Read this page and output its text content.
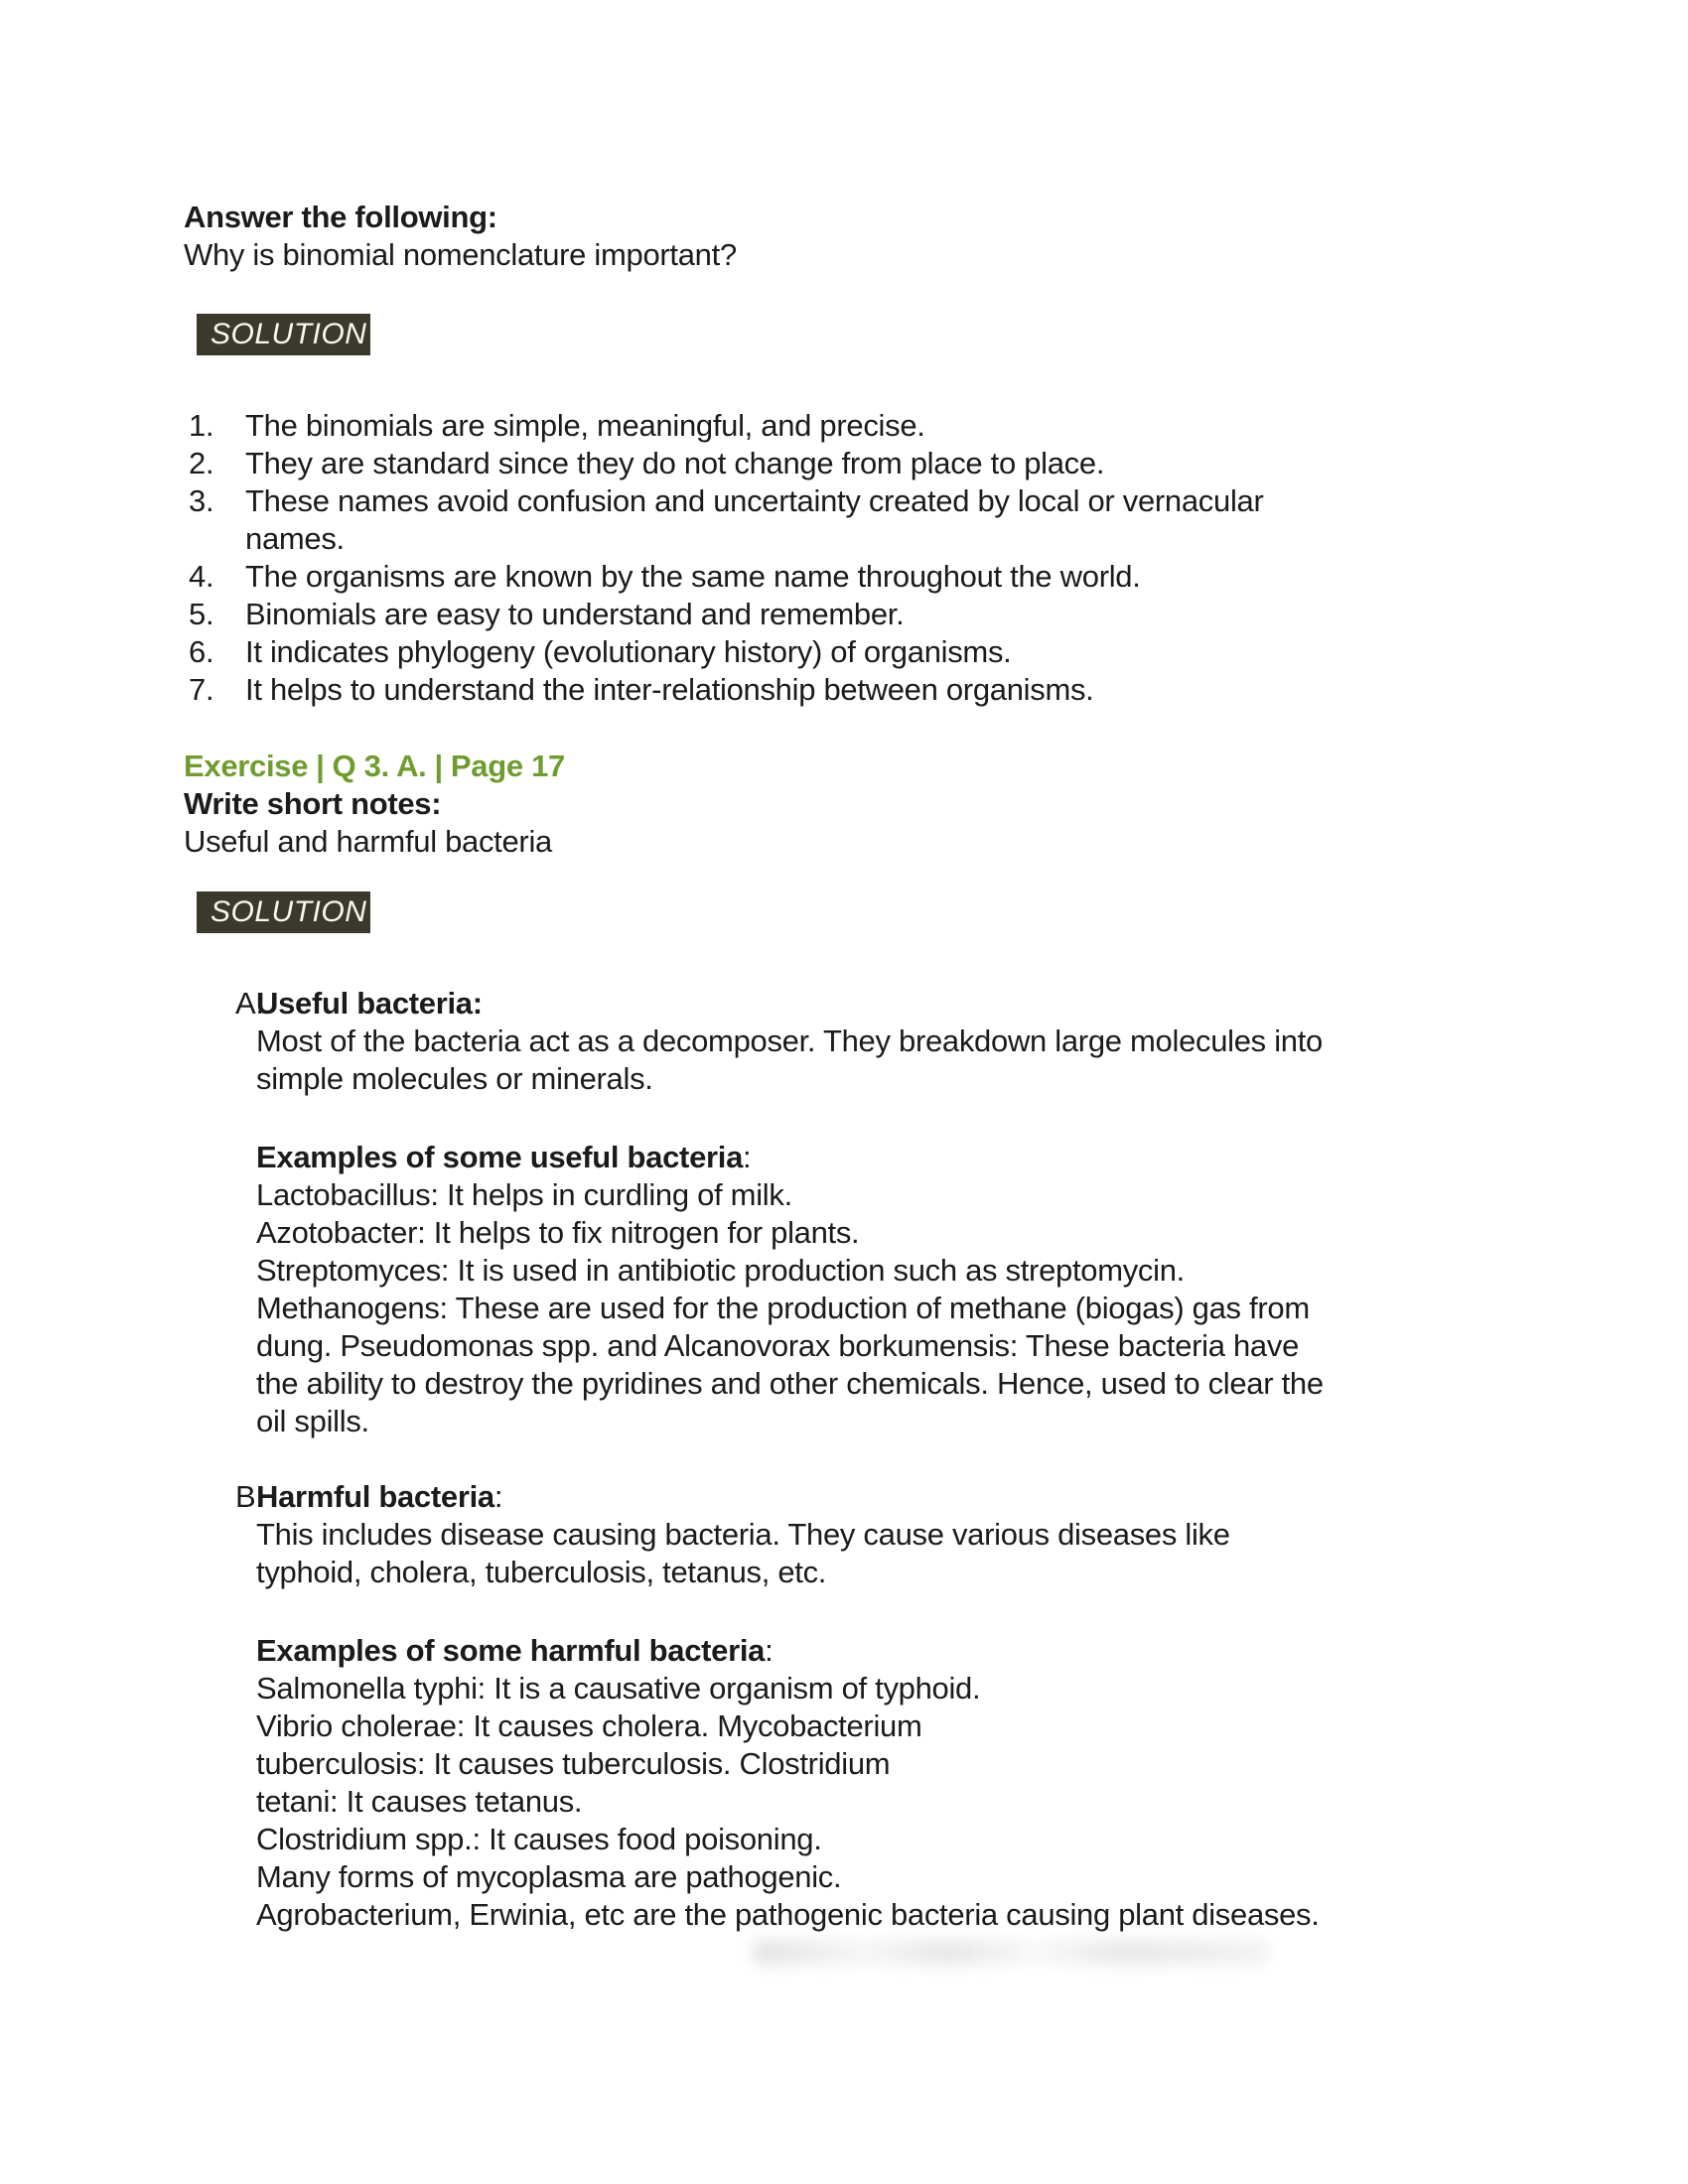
Answer the following:
Why is binomial nomenclature important?
SOLUTION
1.	The binomials are simple, meaningful, and precise.
2.	They are standard since they do not change from place to place.
3.	These names avoid confusion and uncertainty created by local or vernacular
names.
4.	The organisms are known by the same name throughout the world.
5.	Binomials are easy to understand and remember.
6.	It indicates phylogeny (evolutionary history) of organisms.
7.	It helps to understand the inter-relationship between organisms.
Exercise | Q 3. A. | Page 17
Write short notes:
Useful and harmful bacteria
SOLUTION
A.
Useful bacteria:
Most of the bacteria act as a decomposer. They breakdown large molecules into
simple molecules or minerals.
Examples of some useful bacteria:
Lactobacillus: It helps in curdling of milk.
Azotobacter: It helps to fix nitrogen for plants.
Streptomyces: It is used in antibiotic production such as streptomycin.
Methanogens: These are used for the production of methane (biogas) gas from
dung. Pseudomonas spp. and Alcanovorax borkumensis: These bacteria have
the ability to destroy the pyridines and other chemicals. Hence, used to clear the
oil spills.
B.
Harmful bacteria:
This includes disease causing bacteria. They cause various diseases like
typhoid, cholera, tuberculosis, tetanus, etc.
Examples of some harmful bacteria:
Salmonella typhi: It is a causative organism of typhoid.
Vibrio cholerae: It causes cholera. Mycobacterium
tuberculosis: It causes tuberculosis. Clostridium
tetani: It causes tetanus.
Clostridium spp.: It causes food poisoning.
Many forms of mycoplasma are pathogenic.
Agrobacterium, Erwinia, etc are the pathogenic bacteria causing plant diseases.
